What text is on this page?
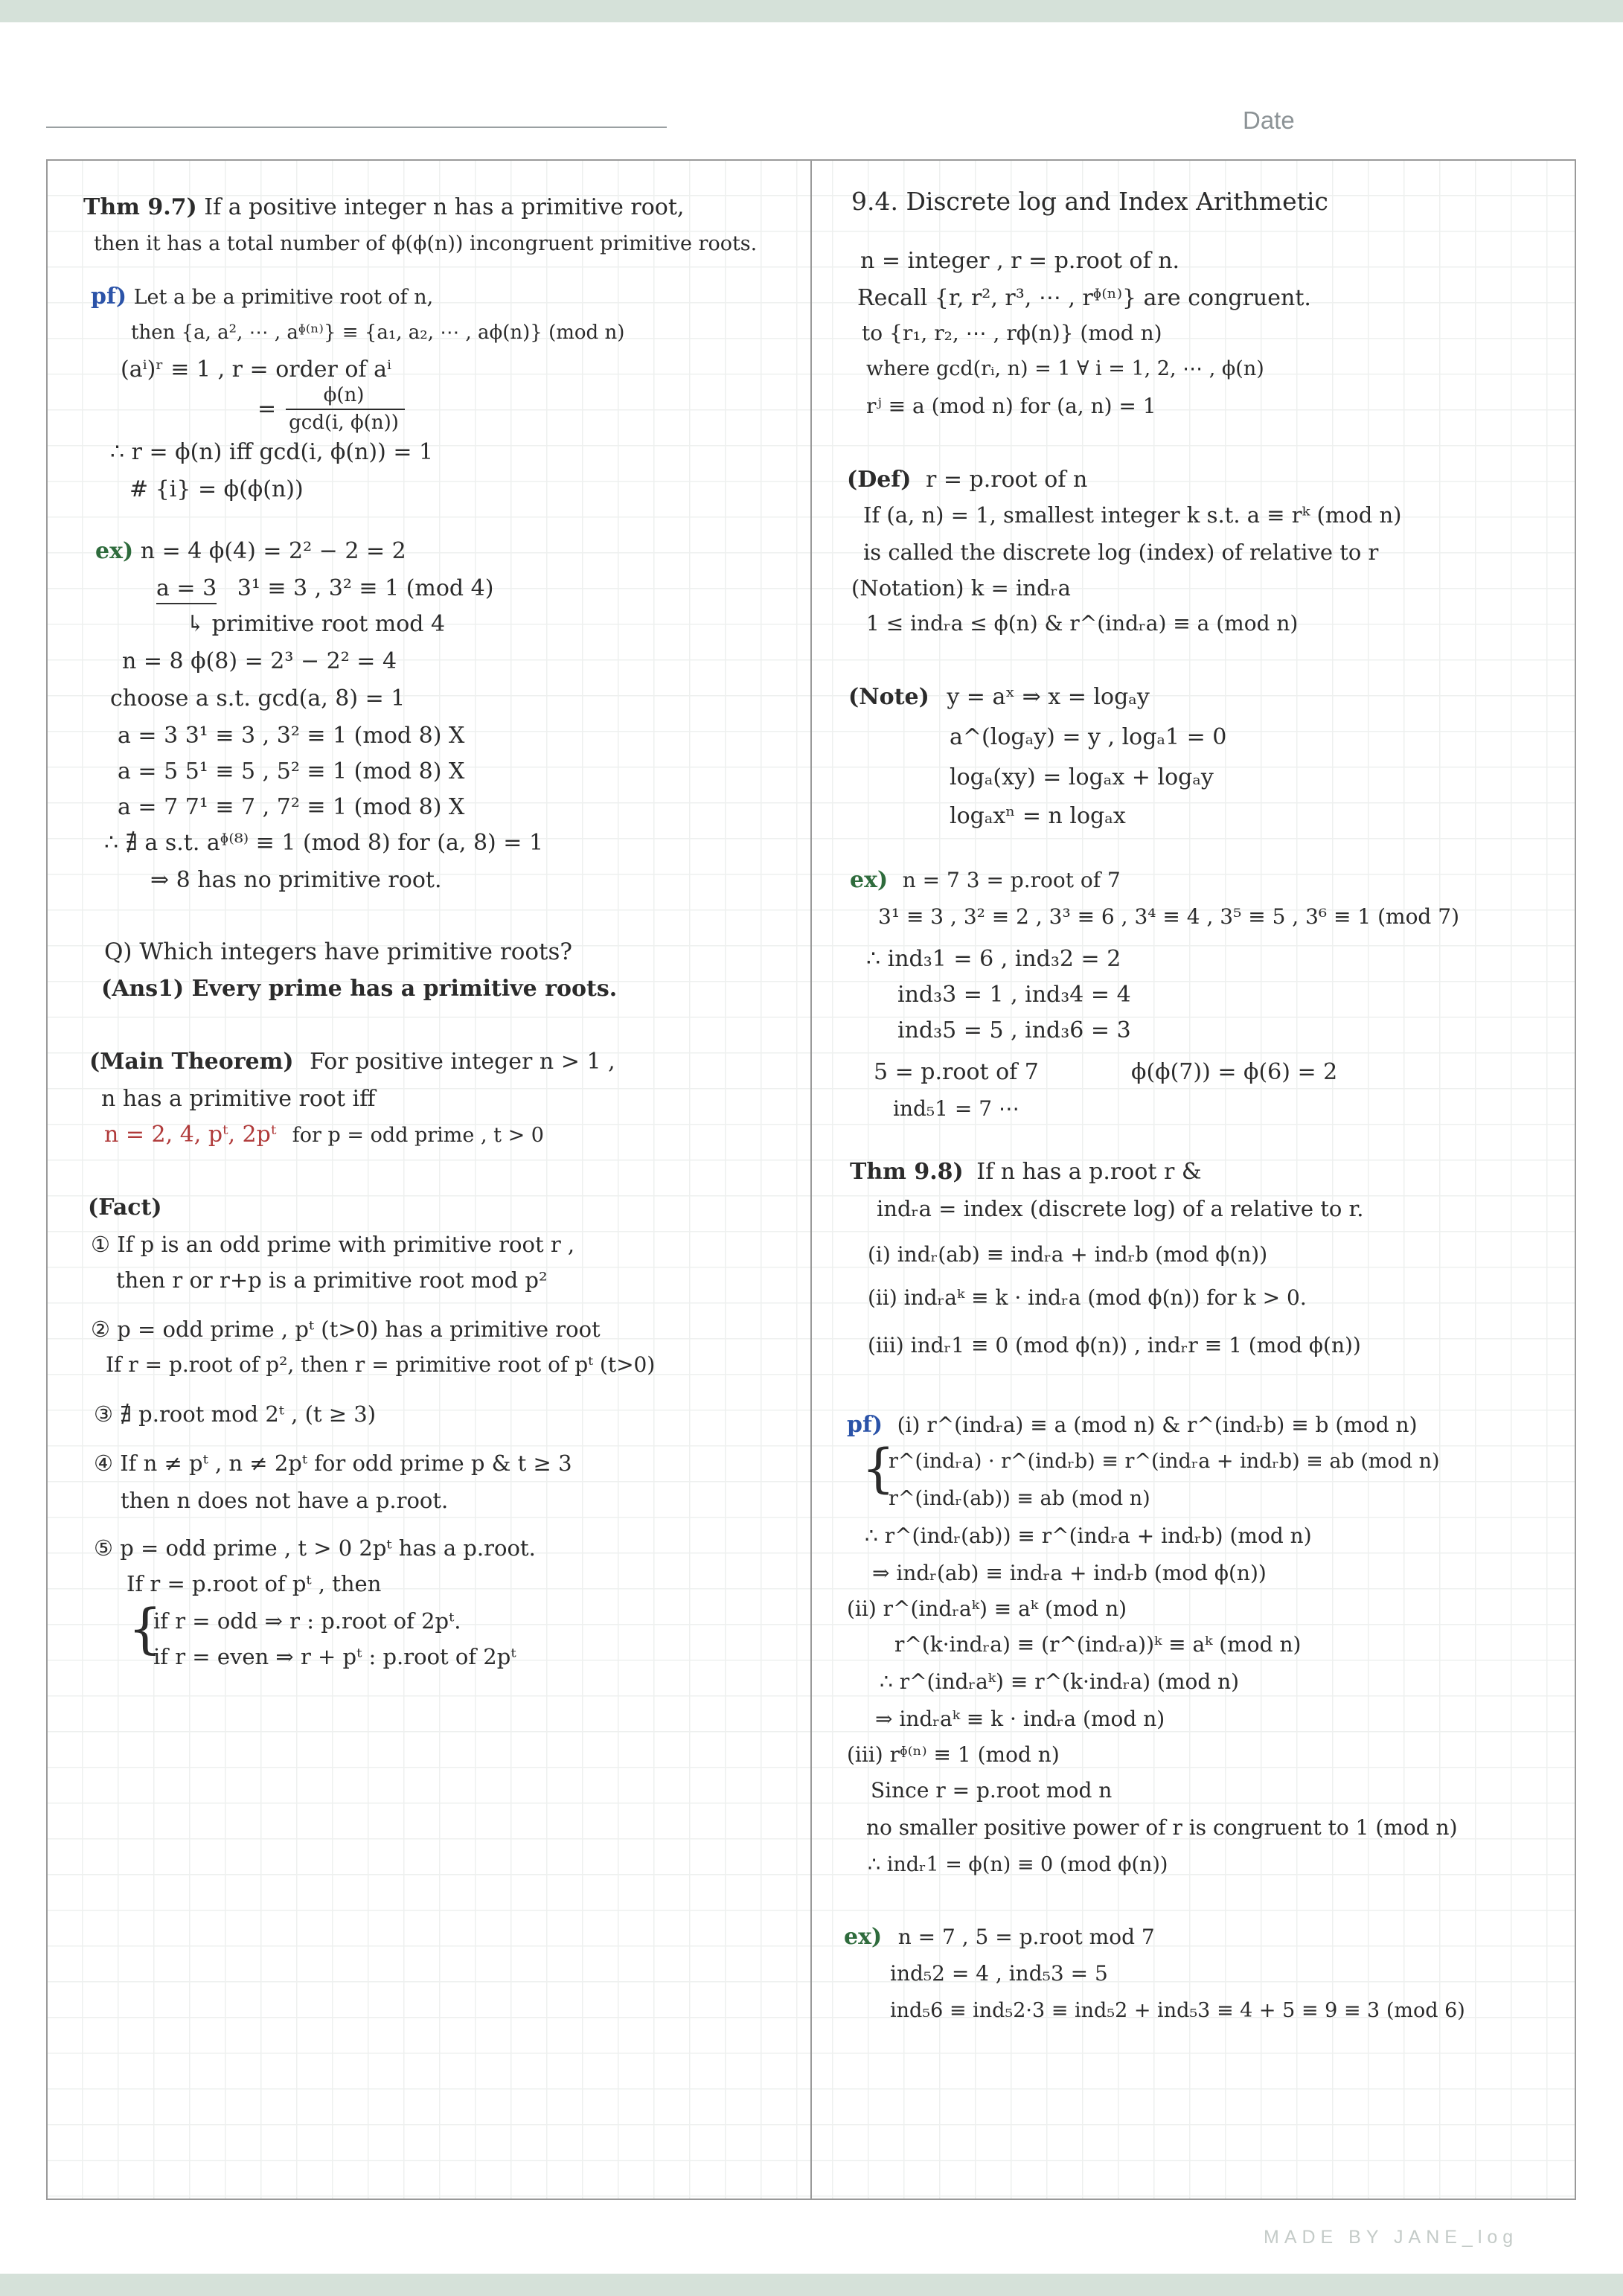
Date
Thm 9.7) If a positive integer n has a primitive root,
then it has a total number of ϕ(ϕ(n)) incongruent primitive roots.
pf) Let a be a primitive root of n,
then {a, a², ⋯ , aᶲ⁽ⁿ⁾} ≡ {a₁, a₂, ⋯ , aϕ(n)} (mod n)
(aⁱ)ʳ ≡ 1 , r = order of aⁱ
=
ϕ(n)
gcd(i, ϕ(n))
∴ r = ϕ(n) iff gcd(i, ϕ(n)) = 1
# {i} = ϕ(ϕ(n))
ex) n = 4 ϕ(4) = 2² − 2 = 2
a = 3 3¹ ≡ 3 , 3² ≡ 1 (mod 4)
↳ primitive root mod 4
n = 8 ϕ(8) = 2³ − 2² = 4
choose a s.t. gcd(a, 8) = 1
a = 3 3¹ ≡ 3 , 3² ≡ 1 (mod 8) X
a = 5 5¹ ≡ 5 , 5² ≡ 1 (mod 8) X
a = 7 7¹ ≡ 7 , 7² ≡ 1 (mod 8) X
∴ ∄ a s.t. aᶲ⁽⁸⁾ ≡ 1 (mod 8) for (a, 8) = 1
⇒ 8 has no primitive root.
Q) Which integers have primitive roots?
(Ans1) Every prime has a primitive roots.
(Main Theorem) For positive integer n > 1 ,
n has a primitive root iff
n = 2, 4, pᵗ, 2pᵗ for p = odd prime , t > 0
(Fact)
① If p is an odd prime with primitive root r ,
then r or r+p is a primitive root mod p²
② p = odd prime , pᵗ (t>0) has a primitive root
If r = p.root of p², then r = primitive root of pᵗ (t>0)
③ ∄ p.root mod 2ᵗ , (t ≥ 3)
④ If n ≠ pᵗ , n ≠ 2pᵗ for odd prime p & t ≥ 3
then n does not have a p.root.
⑤ p = odd prime , t > 0 2pᵗ has a p.root.
If r = p.root of pᵗ , then
{
if r = odd ⇒ r : p.root of 2pᵗ.
if r = even ⇒ r + pᵗ : p.root of 2pᵗ
9.4. Discrete log and Index Arithmetic
n = integer , r = p.root of n.
Recall {r, r², r³, ⋯ , rᶲ⁽ⁿ⁾} are congruent.
to {r₁, r₂, ⋯ , rϕ(n)} (mod n)
where gcd(rᵢ, n) = 1 ∀ i = 1, 2, ⋯ , ϕ(n)
rʲ ≡ a (mod n) for (a, n) = 1
(Def) r = p.root of n
If (a, n) = 1, smallest integer k s.t. a ≡ rᵏ (mod n)
is called the discrete log (index) of relative to r
(Notation) k = indᵣa
1 ≤ indᵣa ≤ ϕ(n) & r^(indᵣa) ≡ a (mod n)
(Note) y = aˣ ⇒ x = logₐy
a^(logₐy) = y , logₐ1 = 0
logₐ(xy) = logₐx + logₐy
logₐxⁿ = n logₐx
ex) n = 7 3 = p.root of 7
3¹ ≡ 3 , 3² ≡ 2 , 3³ ≡ 6 , 3⁴ ≡ 4 , 3⁵ ≡ 5 , 3⁶ ≡ 1 (mod 7)
∴ ind₃1 = 6 , ind₃2 = 2
ind₃3 = 1 , ind₃4 = 4
ind₃5 = 5 , ind₃6 = 3
5 = p.root of 7	ϕ(ϕ(7)) = ϕ(6) = 2
ind₅1 = 7 ⋯
Thm 9.8) If n has a p.root r &
indᵣa = index (discrete log) of a relative to r.
(i) indᵣ(ab) ≡ indᵣa + indᵣb (mod ϕ(n))
(ii) indᵣaᵏ ≡ k · indᵣa (mod ϕ(n)) for k > 0.
(iii) indᵣ1 ≡ 0 (mod ϕ(n)) , indᵣr ≡ 1 (mod ϕ(n))
pf) (i) r^(indᵣa) ≡ a (mod n) & r^(indᵣb) ≡ b (mod n)
{
r^(indᵣa) · r^(indᵣb) ≡ r^(indᵣa + indᵣb) ≡ ab (mod n)
r^(indᵣ(ab)) ≡ ab (mod n)
∴ r^(indᵣ(ab)) ≡ r^(indᵣa + indᵣb) (mod n)
⇒ indᵣ(ab) ≡ indᵣa + indᵣb (mod ϕ(n))
(ii) r^(indᵣaᵏ) ≡ aᵏ (mod n)
r^(k·indᵣa) ≡ (r^(indᵣa))ᵏ ≡ aᵏ (mod n)
∴ r^(indᵣaᵏ) ≡ r^(k·indᵣa) (mod n)
⇒ indᵣaᵏ ≡ k · indᵣa (mod n)
(iii) rᶲ⁽ⁿ⁾ ≡ 1 (mod n)
Since r = p.root mod n
no smaller positive power of r is congruent to 1 (mod n)
∴ indᵣ1 = ϕ(n) ≡ 0 (mod ϕ(n))
ex) n = 7 , 5 = p.root mod 7
ind₅2 = 4 , ind₅3 = 5
ind₅6 ≡ ind₅2·3 ≡ ind₅2 + ind₅3 ≡ 4 + 5 ≡ 9 ≡ 3 (mod 6)
MADE BY JANE_log
